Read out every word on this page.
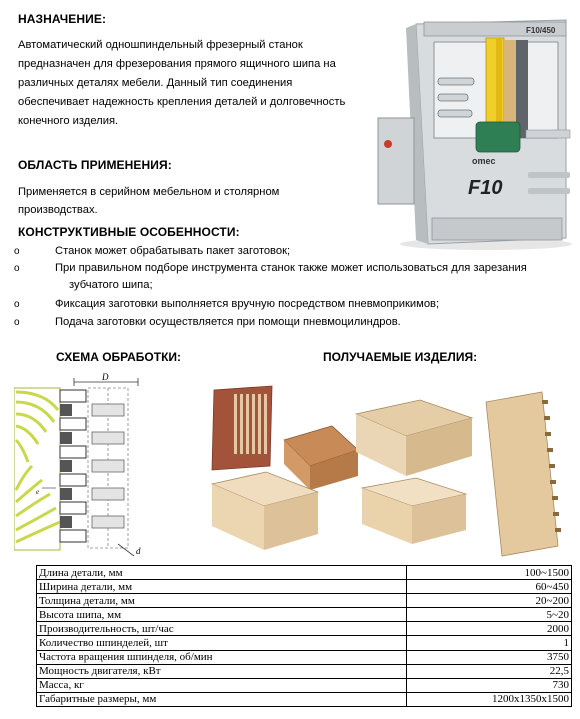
НАЗНАЧЕНИЕ:
Автоматический одношпиндельный фрезерный станок
предназначен для фрезерования прямого ящичного шипа на
различных деталях мебели. Данный тип соединения
обеспечивает надежность крепления деталей и долговечность
конечного изделия.
ОБЛАСТЬ ПРИМЕНЕНИЯ:
Применяется в серийном мебельном и столярном
производствах.
КОНСТРУКТИВНЫЕ ОСОБЕННОСТИ:
o	Станок может обрабатывать пакет заготовок;
o	При правильном подборе инструмента станок также может использоваться для зарезания
зубчатого шипа;
o	Фиксация заготовки выполняется вручную посредством пневмоприкимов;
o	Подача заготовки осуществляется при помощи пневмоцилиндров.
F10/450
omec
F10
СХЕМА ОБРАБОТКИ:	ПОЛУЧАЕМЫЕ ИЗДЕЛИЯ:
D
d
e
Длина детали, мм	100~1500
Ширина детали, мм	60~450
Толщина детали, мм	20~200
Высота шипа, мм	5~20
Производительность, шт/час	2000
Количество шпинделей, шт	1
Частота вращения шпинделя, об/мин	3750
Мощность двигателя, кВт	22,5
Масса, кг	730
Габаритные размеры, мм	1200x1350x1500
